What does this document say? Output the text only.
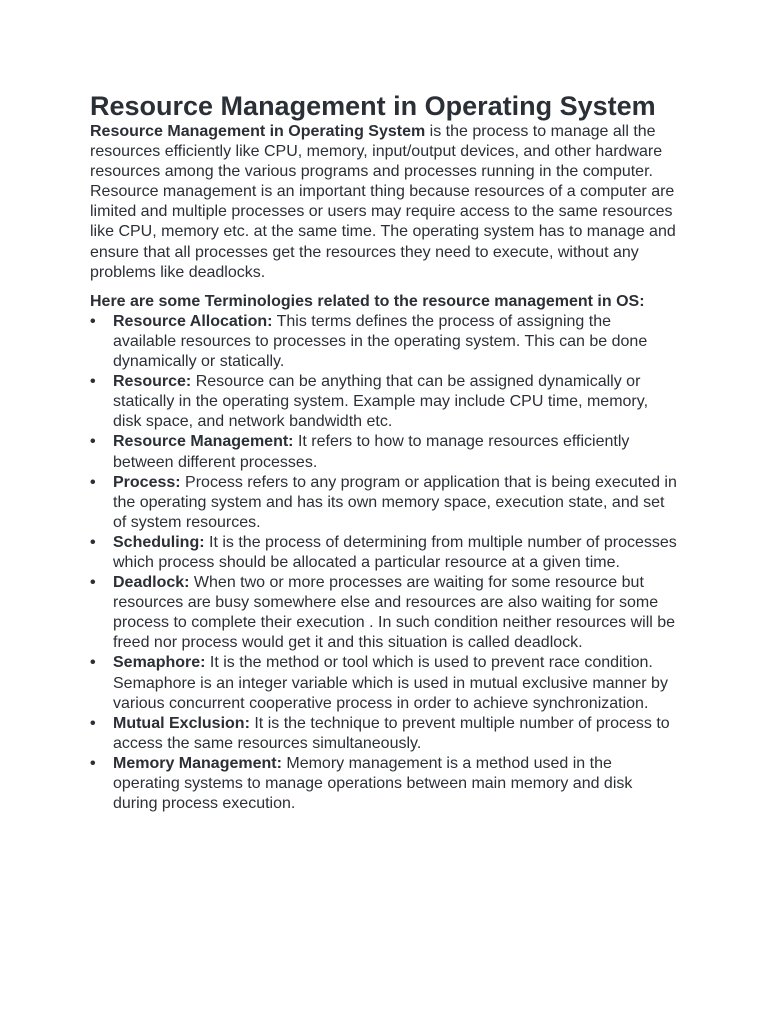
Resource Management in Operating System

Resource Management in Operating System is the process to manage all the resources efficiently like CPU, memory, input/output devices, and other hardware resources among the various programs and processes running in the computer.

Resource management is an important thing because resources of a computer are limited and multiple processes or users may require access to the same resources like CPU, memory etc. at the same time. The operating system has to manage and ensure that all processes get the resources they need to execute, without any problems like deadlocks.

Here are some Terminologies related to the resource management in OS:

•	Resource Allocation: This terms defines the process of assigning the available resources to processes in the operating system. This can be done dynamically or statically.
•	Resource: Resource can be anything that can be assigned dynamically or statically in the operating system. Example may include CPU time, memory, disk space, and network bandwidth etc.
•	Resource Management: It refers to how to manage resources efficiently between different processes.
•	Process: Process refers to any program or application that is being executed in the operating system and has its own memory space, execution state, and set of system resources.
•	Scheduling: It is the process of determining from multiple number of processes which process should be allocated a particular resource at a given time.
•	Deadlock: When two or more processes are waiting for some resource but resources are busy somewhere else and resources are also waiting for some process to complete their execution . In such condition neither resources will be freed nor process would get it and this situation is called deadlock.
•	Semaphore: It is the method or tool which is used to prevent race condition. Semaphore is an integer variable which is used in mutual exclusive manner by various concurrent cooperative process in order to achieve synchronization.
•	Mutual Exclusion: It is the technique to prevent multiple number of process to access the same resources simultaneously.
•	Memory Management: Memory management is a method used in the operating systems to manage operations between main memory and disk during process execution.
